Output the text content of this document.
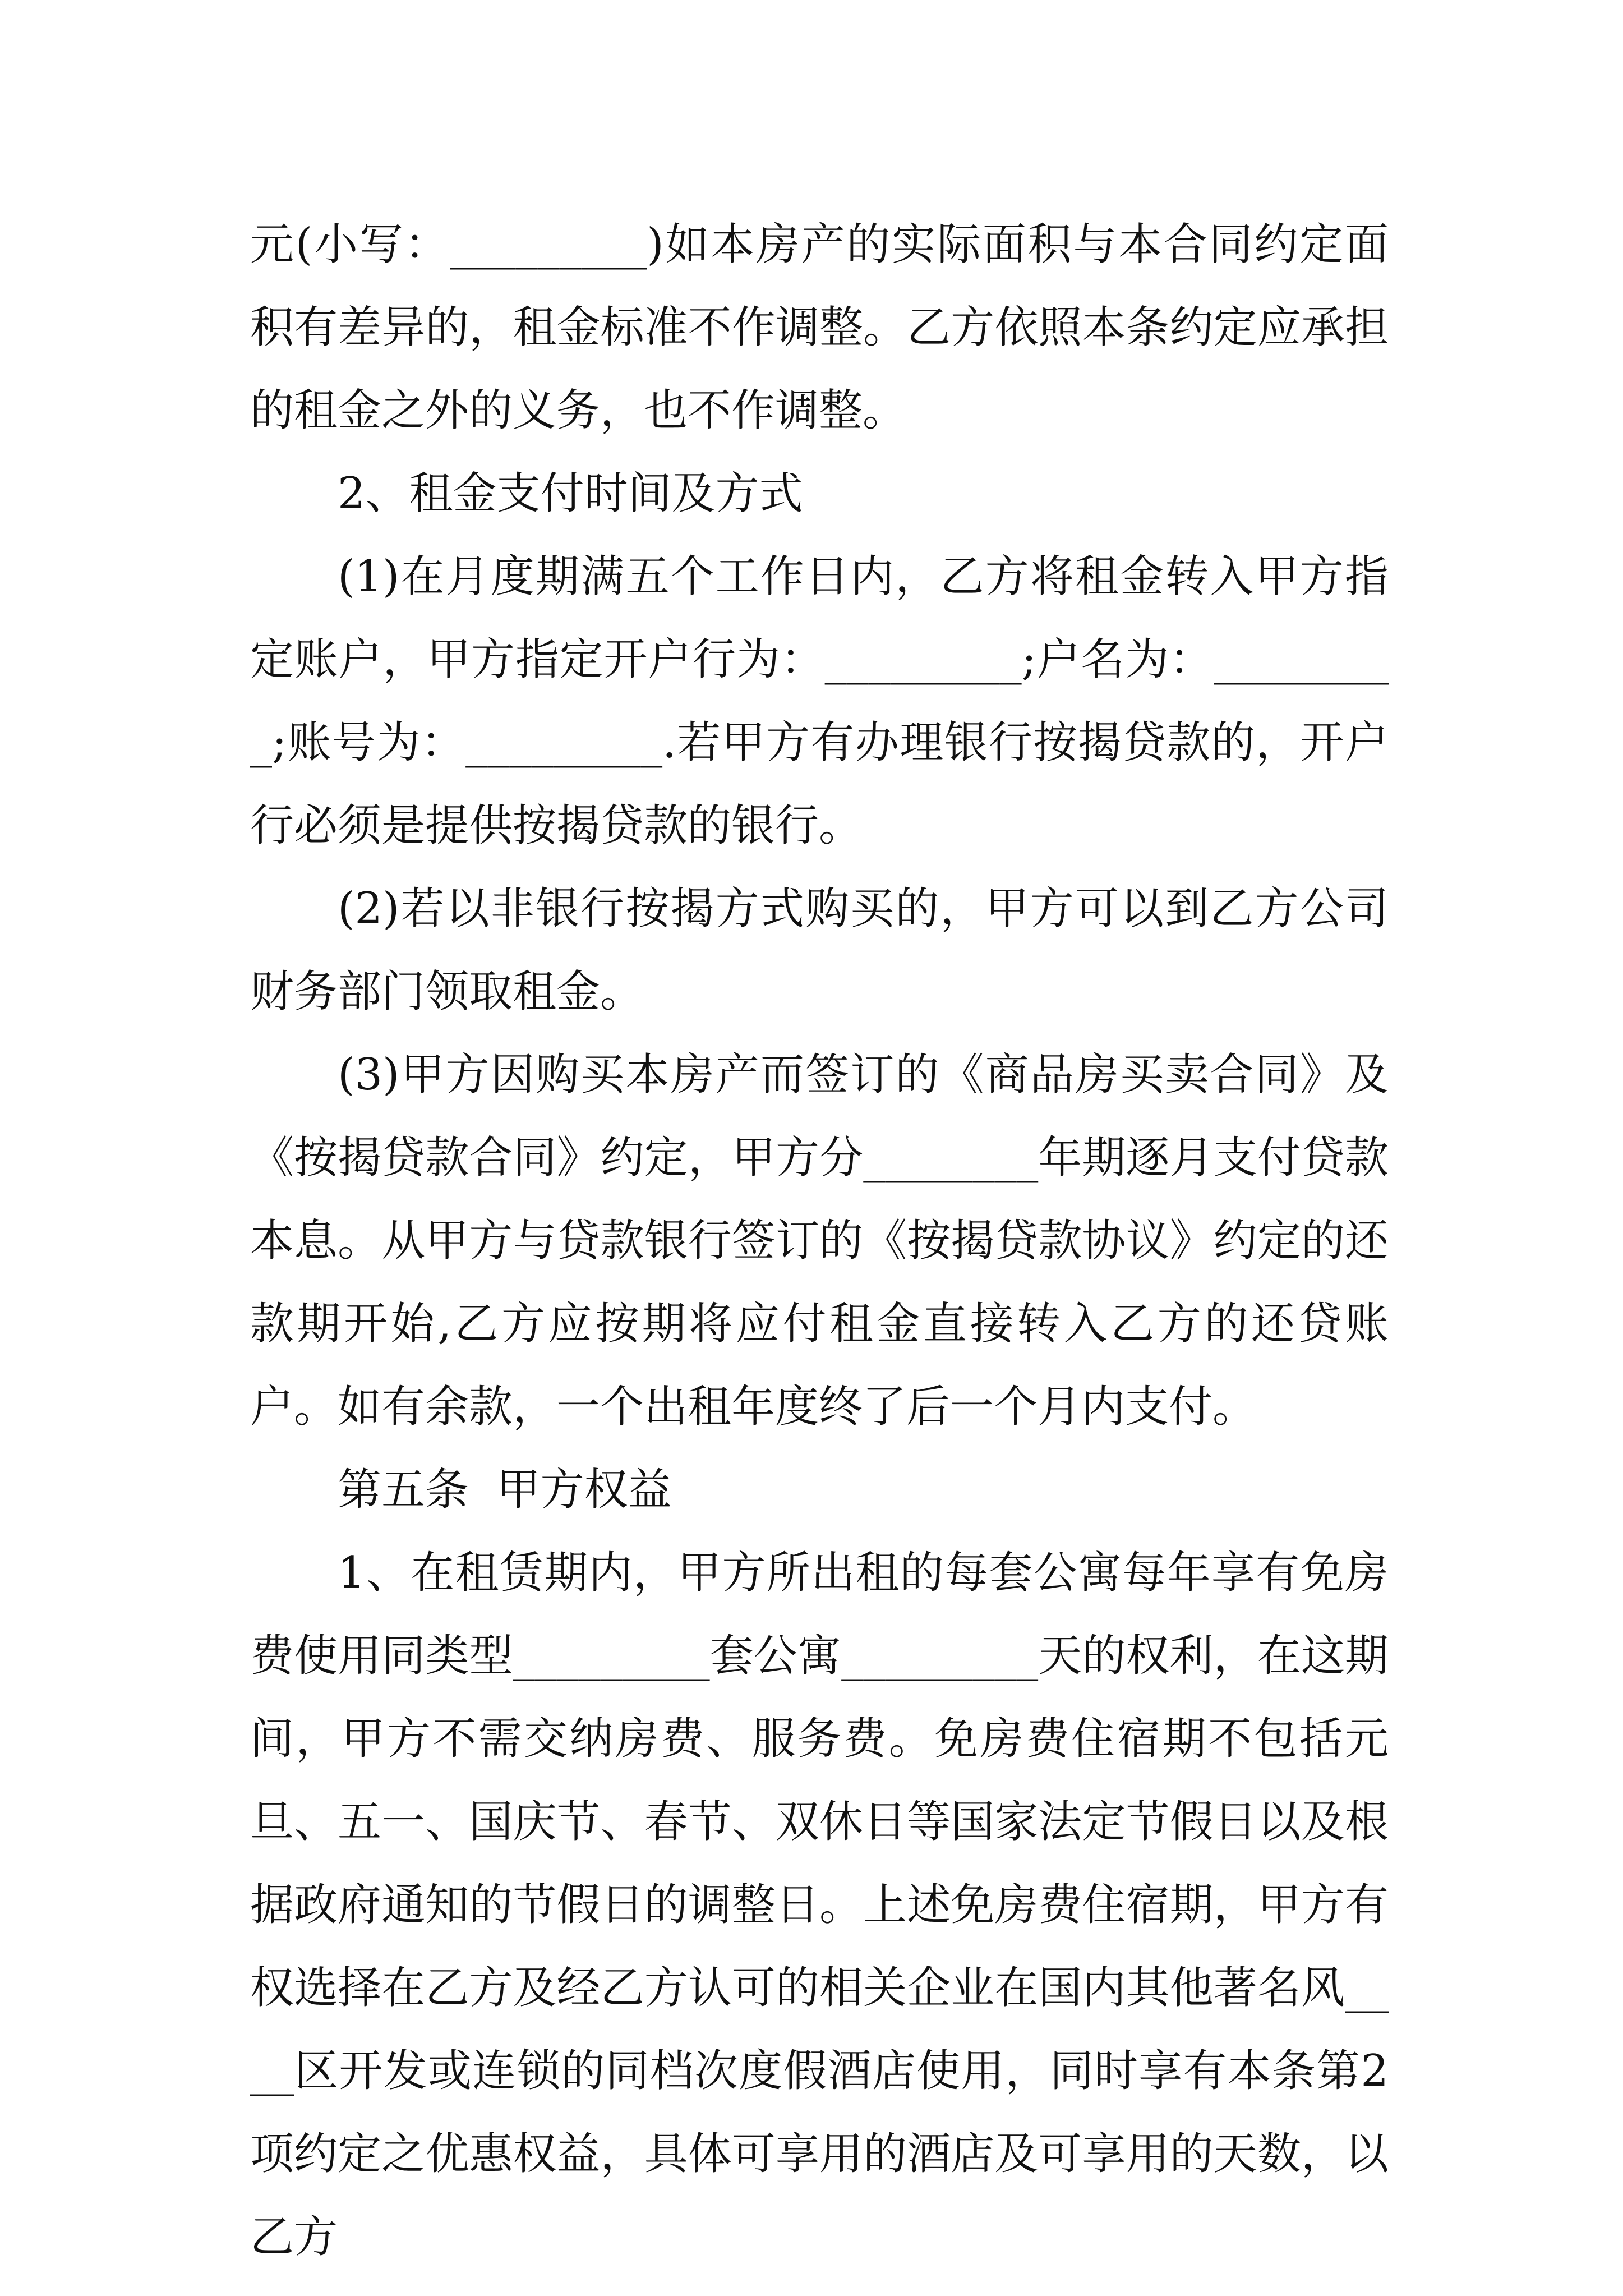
元(小写：_________)如本房产的实际面积与本合同约定面积有差异的，租金标准不作调整。乙方依照本条约定应承担的租金之外的义务，也不作调整。

2、租金支付时间及方式

(1)在月度期满五个工作日内，乙方将租金转入甲方指定账户，甲方指定开户行为：_________;户名为：_________;账号为：_________.若甲方有办理银行按揭贷款的，开户行必须是提供按揭贷款的银行。

(2)若以非银行按揭方式购买的，甲方可以到乙方公司财务部门领取租金。

(3)甲方因购买本房产而签订的《商品房买卖合同》及《按揭贷款合同》约定，甲方分________年期逐月支付贷款本息。从甲方与贷款银行签订的《按揭贷款协议》约定的还款期开始,乙方应按期将应付租金直接转入乙方的还贷账户。如有余款，一个出租年度终了后一个月内支付。

第五条  甲方权益

1、在租赁期内，甲方所出租的每套公寓每年享有免房费使用同类型_________套公寓_________天的权利，在这期间，甲方不需交纳房费、服务费。免房费住宿期不包括元旦、五一、国庆节、春节、双休日等国家法定节假日以及根据政府通知的节假日的调整日。上述免房费住宿期，甲方有权选择在乙方及经乙方认可的相关企业在国内其他著名风____区开发或连锁的同档次度假酒店使用，同时享有本条第2项约定之优惠权益，具体可享用的酒店及可享用的天数，以乙方
